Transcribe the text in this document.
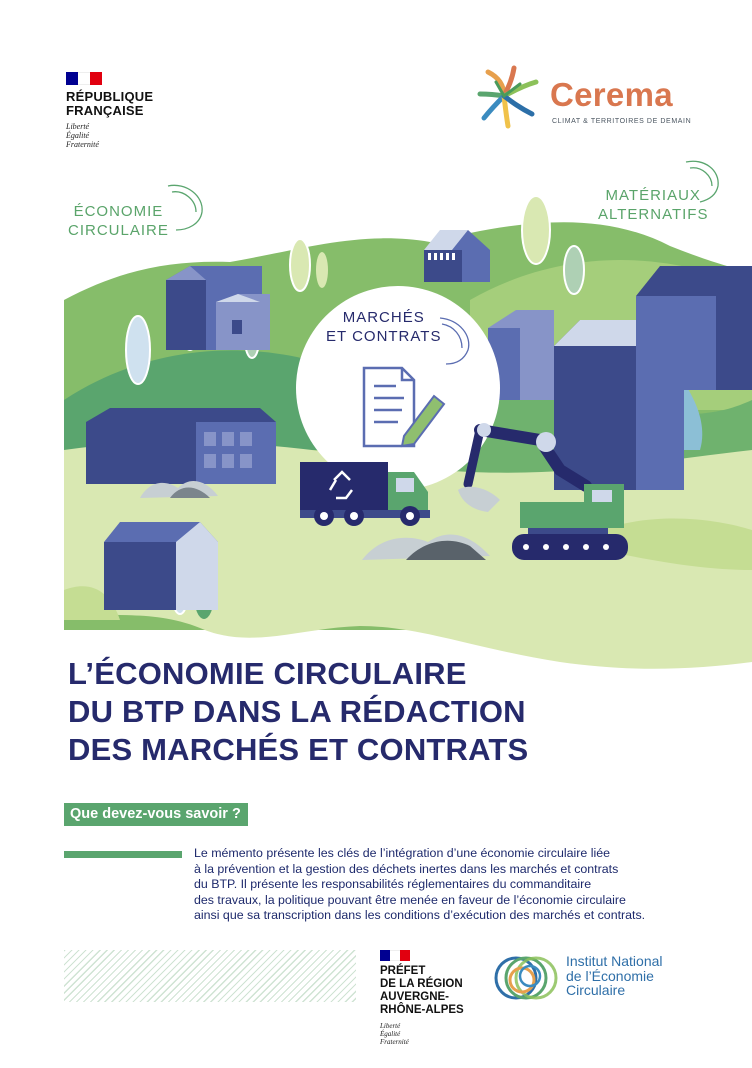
RÉPUBLIQUE
FRANÇAISE
Liberté
Égalité
Fraternité
Cerema
CLIMAT & TERRITOIRES DE DEMAIN
ÉCONOMIE
CIRCULAIRE
MATÉRIAUX
ALTERNATIFS
MARCHÉS
ET CONTRATS
L’ÉCONOMIE CIRCULAIRE
DU BTP DANS LA RÉDACTION
DES MARCHÉS ET CONTRATS
Que devez-vous savoir ?
Le mémento présente les clés de l’intégration d’une économie circulaire liée
à la prévention et la gestion des déchets inertes dans les marchés et contrats
du BTP. Il présente les responsabilités réglementaires du commanditaire
des travaux, la politique pouvant être menée en faveur de l’économie circulaire
ainsi que sa transcription dans les conditions d’exécution des marchés et contrats.
PRÉFET
DE LA RÉGION
AUVERGNE-
RHÔNE-ALPES
Liberté
Égalité
Fraternité
Institut National
de l’Économie
Circulaire
